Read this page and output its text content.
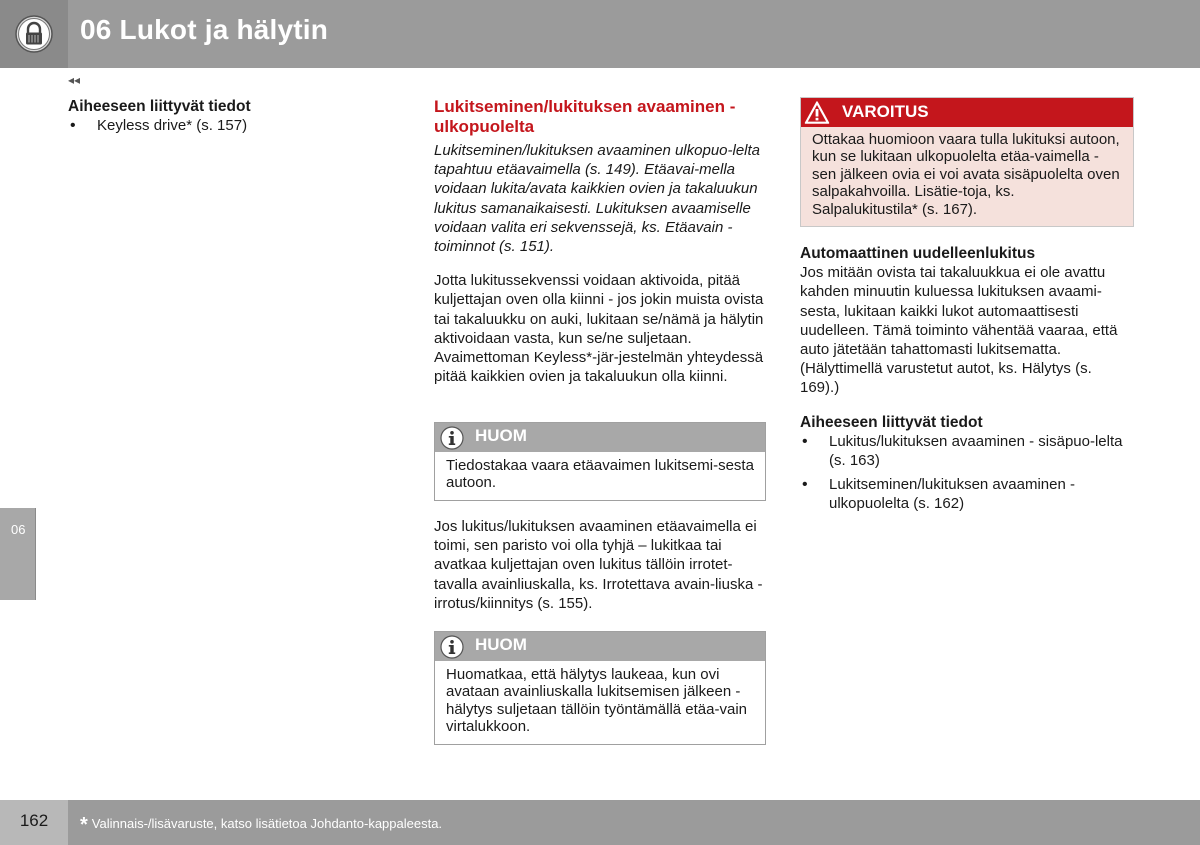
06 Lukot ja hälytin
◂◂
06

Aiheeseen liittyvät tiedot

• Keyless drive* (s. 157)

Lukitseminen/lukituksen avaaminen - ulkopuolelta

Lukitseminen/lukituksen avaaminen ulkopuo-lelta tapahtuu etäavaimella (s. 149). Etäavai-mella voidaan lukita/avata kaikkien ovien ja takaluukun lukitus samanaikaisesti. Lukituksen avaamiselle voidaan valita eri sekvenssejä, ks. Etäavain - toiminnot (s. 151).

Jotta lukitussekvenssi voidaan aktivoida, pitää kuljettajan oven olla kiinni - jos jokin muista ovista tai takaluukku on auki, lukitaan se/nämä ja hälytin aktivoidaan vasta, kun se/ne suljetaan. Avaimettoman Keyless*-jär-jestelmän yhteydessä pitää kaikkien ovien ja takaluukun olla kiinni.

HUOM
Tiedostakaa vaara etäavaimen lukitsemi-sesta autoon.

Jos lukitus/lukituksen avaaminen etäavaimella ei toimi, sen paristo voi olla tyhjä – lukitkaa tai avatkaa kuljettajan oven lukitus tällöin irrotet-tavalla avainliuskalla, ks. Irrotettava avain-liuska - irrotus/kiinnitys (s. 155).

HUOM
Huomatkaa, että hälytys laukeaa, kun ovi avataan avainliuskalla lukitsemisen jälkeen - hälytys suljetaan tällöin työntämällä etäa-vain virtalukkoon.
VAROITUS
Ottakaa huomioon vaara tulla lukituksi autoon, kun se lukitaan ulkopuolelta etäa-vaimella - sen jälkeen ovia ei voi avata sisäpuolelta oven salpakahvoilla. Lisätie-toja, ks. Salpalukitustila* (s. 167).

Automaattinen uudelleenlukitus

Jos mitään ovista tai takaluukkua ei ole avattu kahden minuutin kuluessa lukituksen avaami-sesta, lukitaan kaikki lukot automaattisesti uudelleen. Tämä toiminto vähentää vaaraa, että auto jätetään tahattomasti lukitsematta. (Hälyttimellä varustetut autot, ks. Hälytys (s. 169).)

Aiheeseen liittyvät tiedot

• Lukitus/lukituksen avaaminen - sisäpuo-lelta (s. 163)

• Lukitseminen/lukituksen avaaminen - ulkopuolelta (s. 162)

162	* Valinnais-/lisävaruste, katso lisätietoa Johdanto-kappaleesta.
